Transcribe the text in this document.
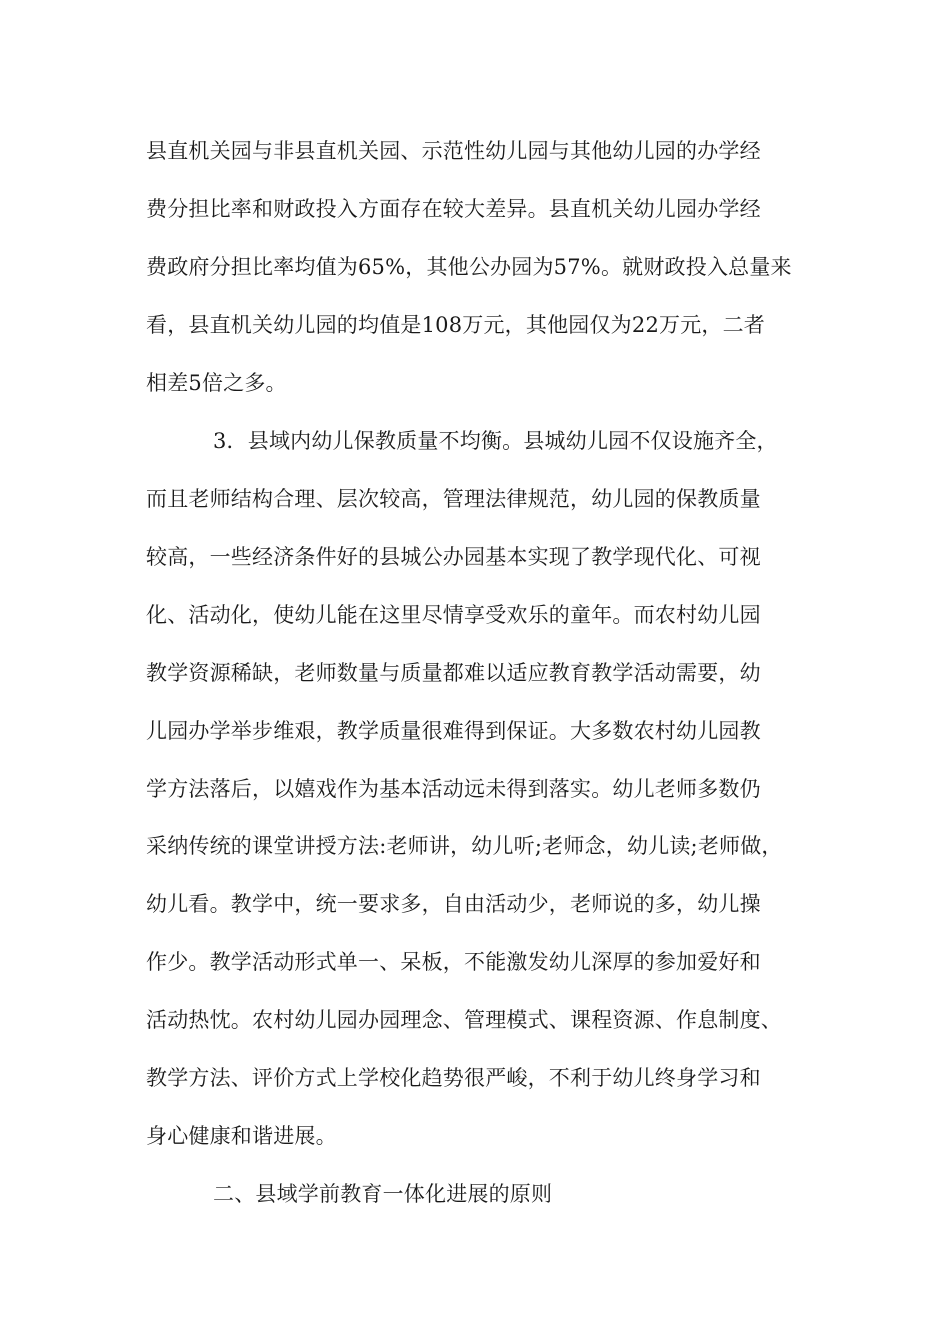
县直机关园与非县直机关园、示范性幼儿园与其他幼儿园的办学经
费分担比率和财政投入方面存在较大差异。县直机关幼儿园办学经
费政府分担比率均值为65%，其他公办园为57%。就财政投入总量来
看，县直机关幼儿园的均值是108万元，其他园仅为22万元，二者
相差5倍之多。
3．县域内幼儿保教质量不均衡。县城幼儿园不仅设施齐全，
而且老师结构合理、层次较高，管理法律规范，幼儿园的保教质量
较高，一些经济条件好的县城公办园基本实现了教学现代化、可视
化、活动化，使幼儿能在这里尽情享受欢乐的童年。而农村幼儿园
教学资源稀缺，老师数量与质量都难以适应教育教学活动需要，幼
儿园办学举步维艰，教学质量很难得到保证。大多数农村幼儿园教
学方法落后，以嬉戏作为基本活动远未得到落实。幼儿老师多数仍
采纳传统的课堂讲授方法:老师讲，幼儿听;老师念，幼儿读;老师做，
幼儿看。教学中，统一要求多，自由活动少，老师说的多，幼儿操
作少。教学活动形式单一、呆板，不能激发幼儿深厚的参加爱好和
活动热忱。农村幼儿园办园理念、管理模式、课程资源、作息制度、
教学方法、评价方式上学校化趋势很严峻，不利于幼儿终身学习和
身心健康和谐进展。
二、县域学前教育一体化进展的原则
